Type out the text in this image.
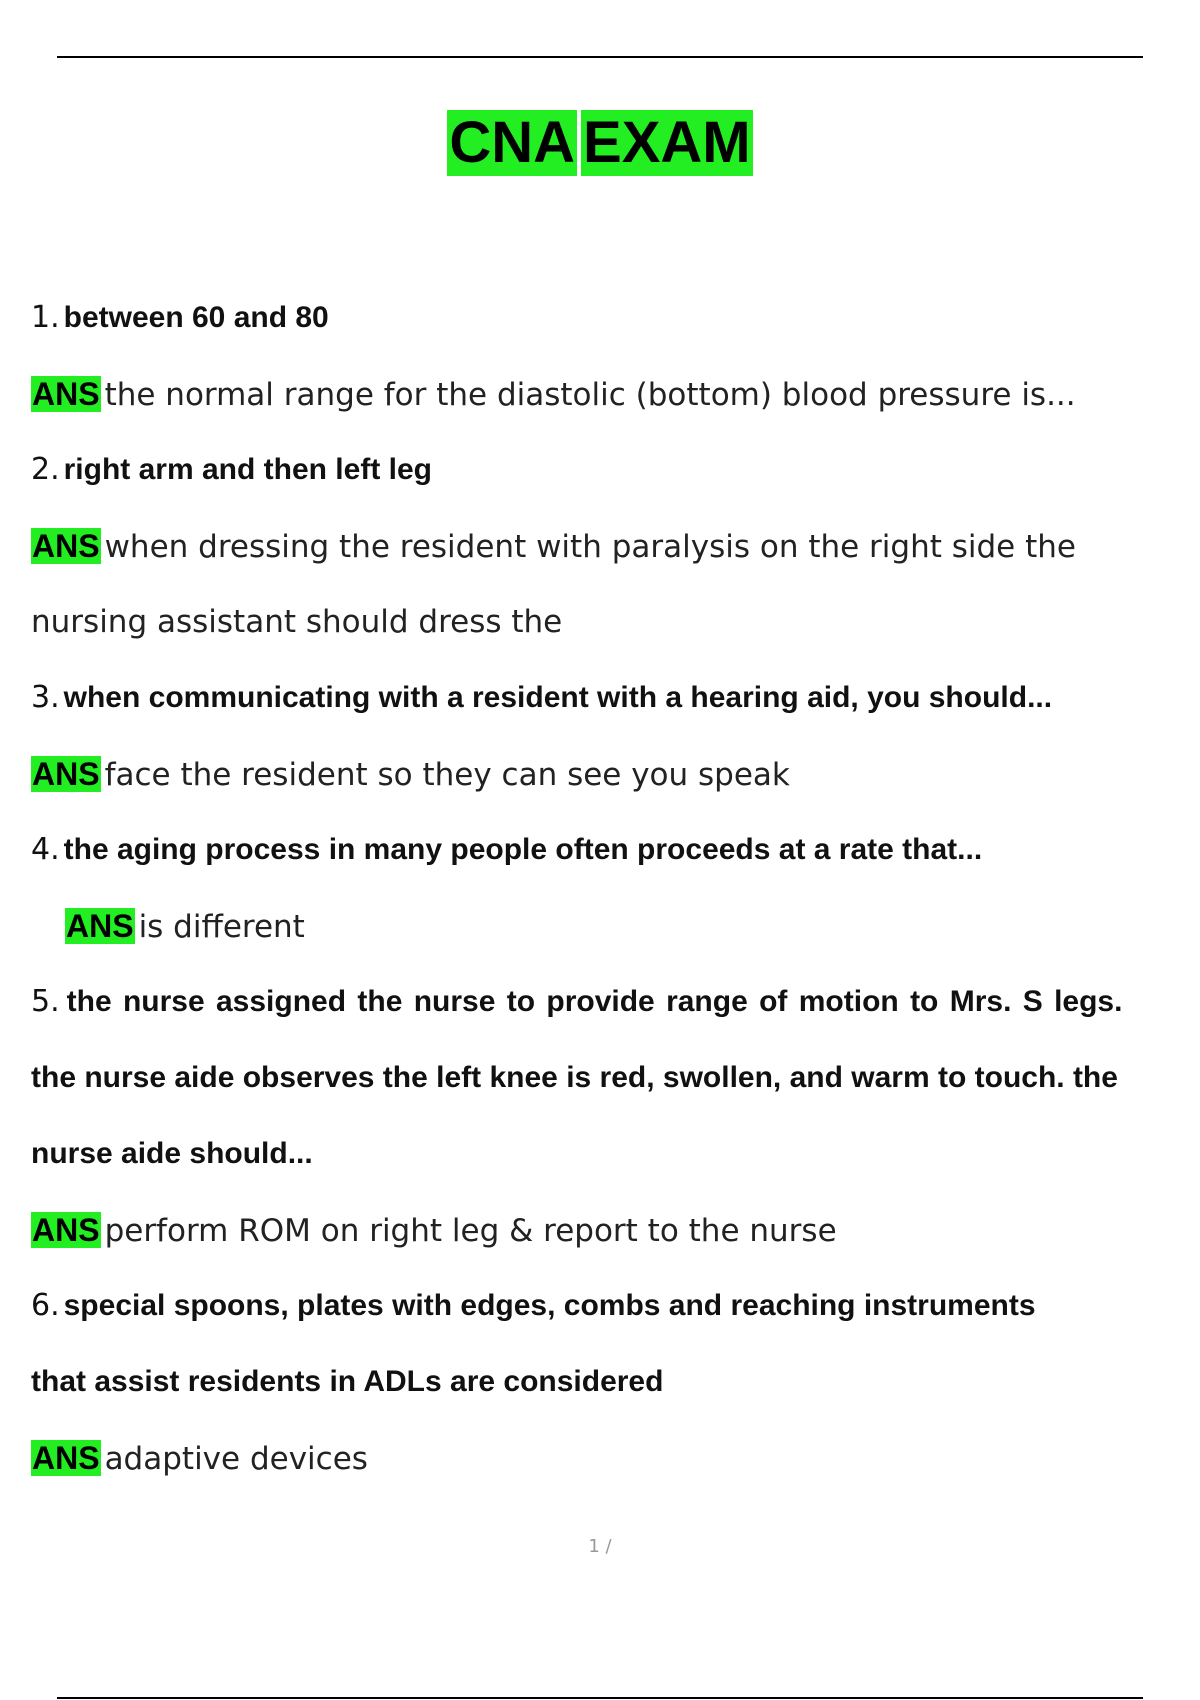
CNA EXAM
1. between 60 and 80
ANS the normal range for the diastolic (bottom) blood pressure is...
2. right arm and then left leg
ANS when dressing the resident with paralysis on the right side the
nursing assistant should dress the
3. when communicating with a resident with a hearing aid, you should...
ANS face the resident so they can see you speak
4. the aging process in many people often proceeds at a rate that...
ANS is different
5. the nurse assigned the nurse to provide range of motion to Mrs. S legs.
the nurse aide observes the left knee is red, swollen, and warm to touch. the
nurse aide should...
ANS perform ROM on right leg & report to the nurse
6. special spoons, plates with edges, combs and reaching instruments
that assist residents in ADLs are considered
ANS adaptive devices
1 /
